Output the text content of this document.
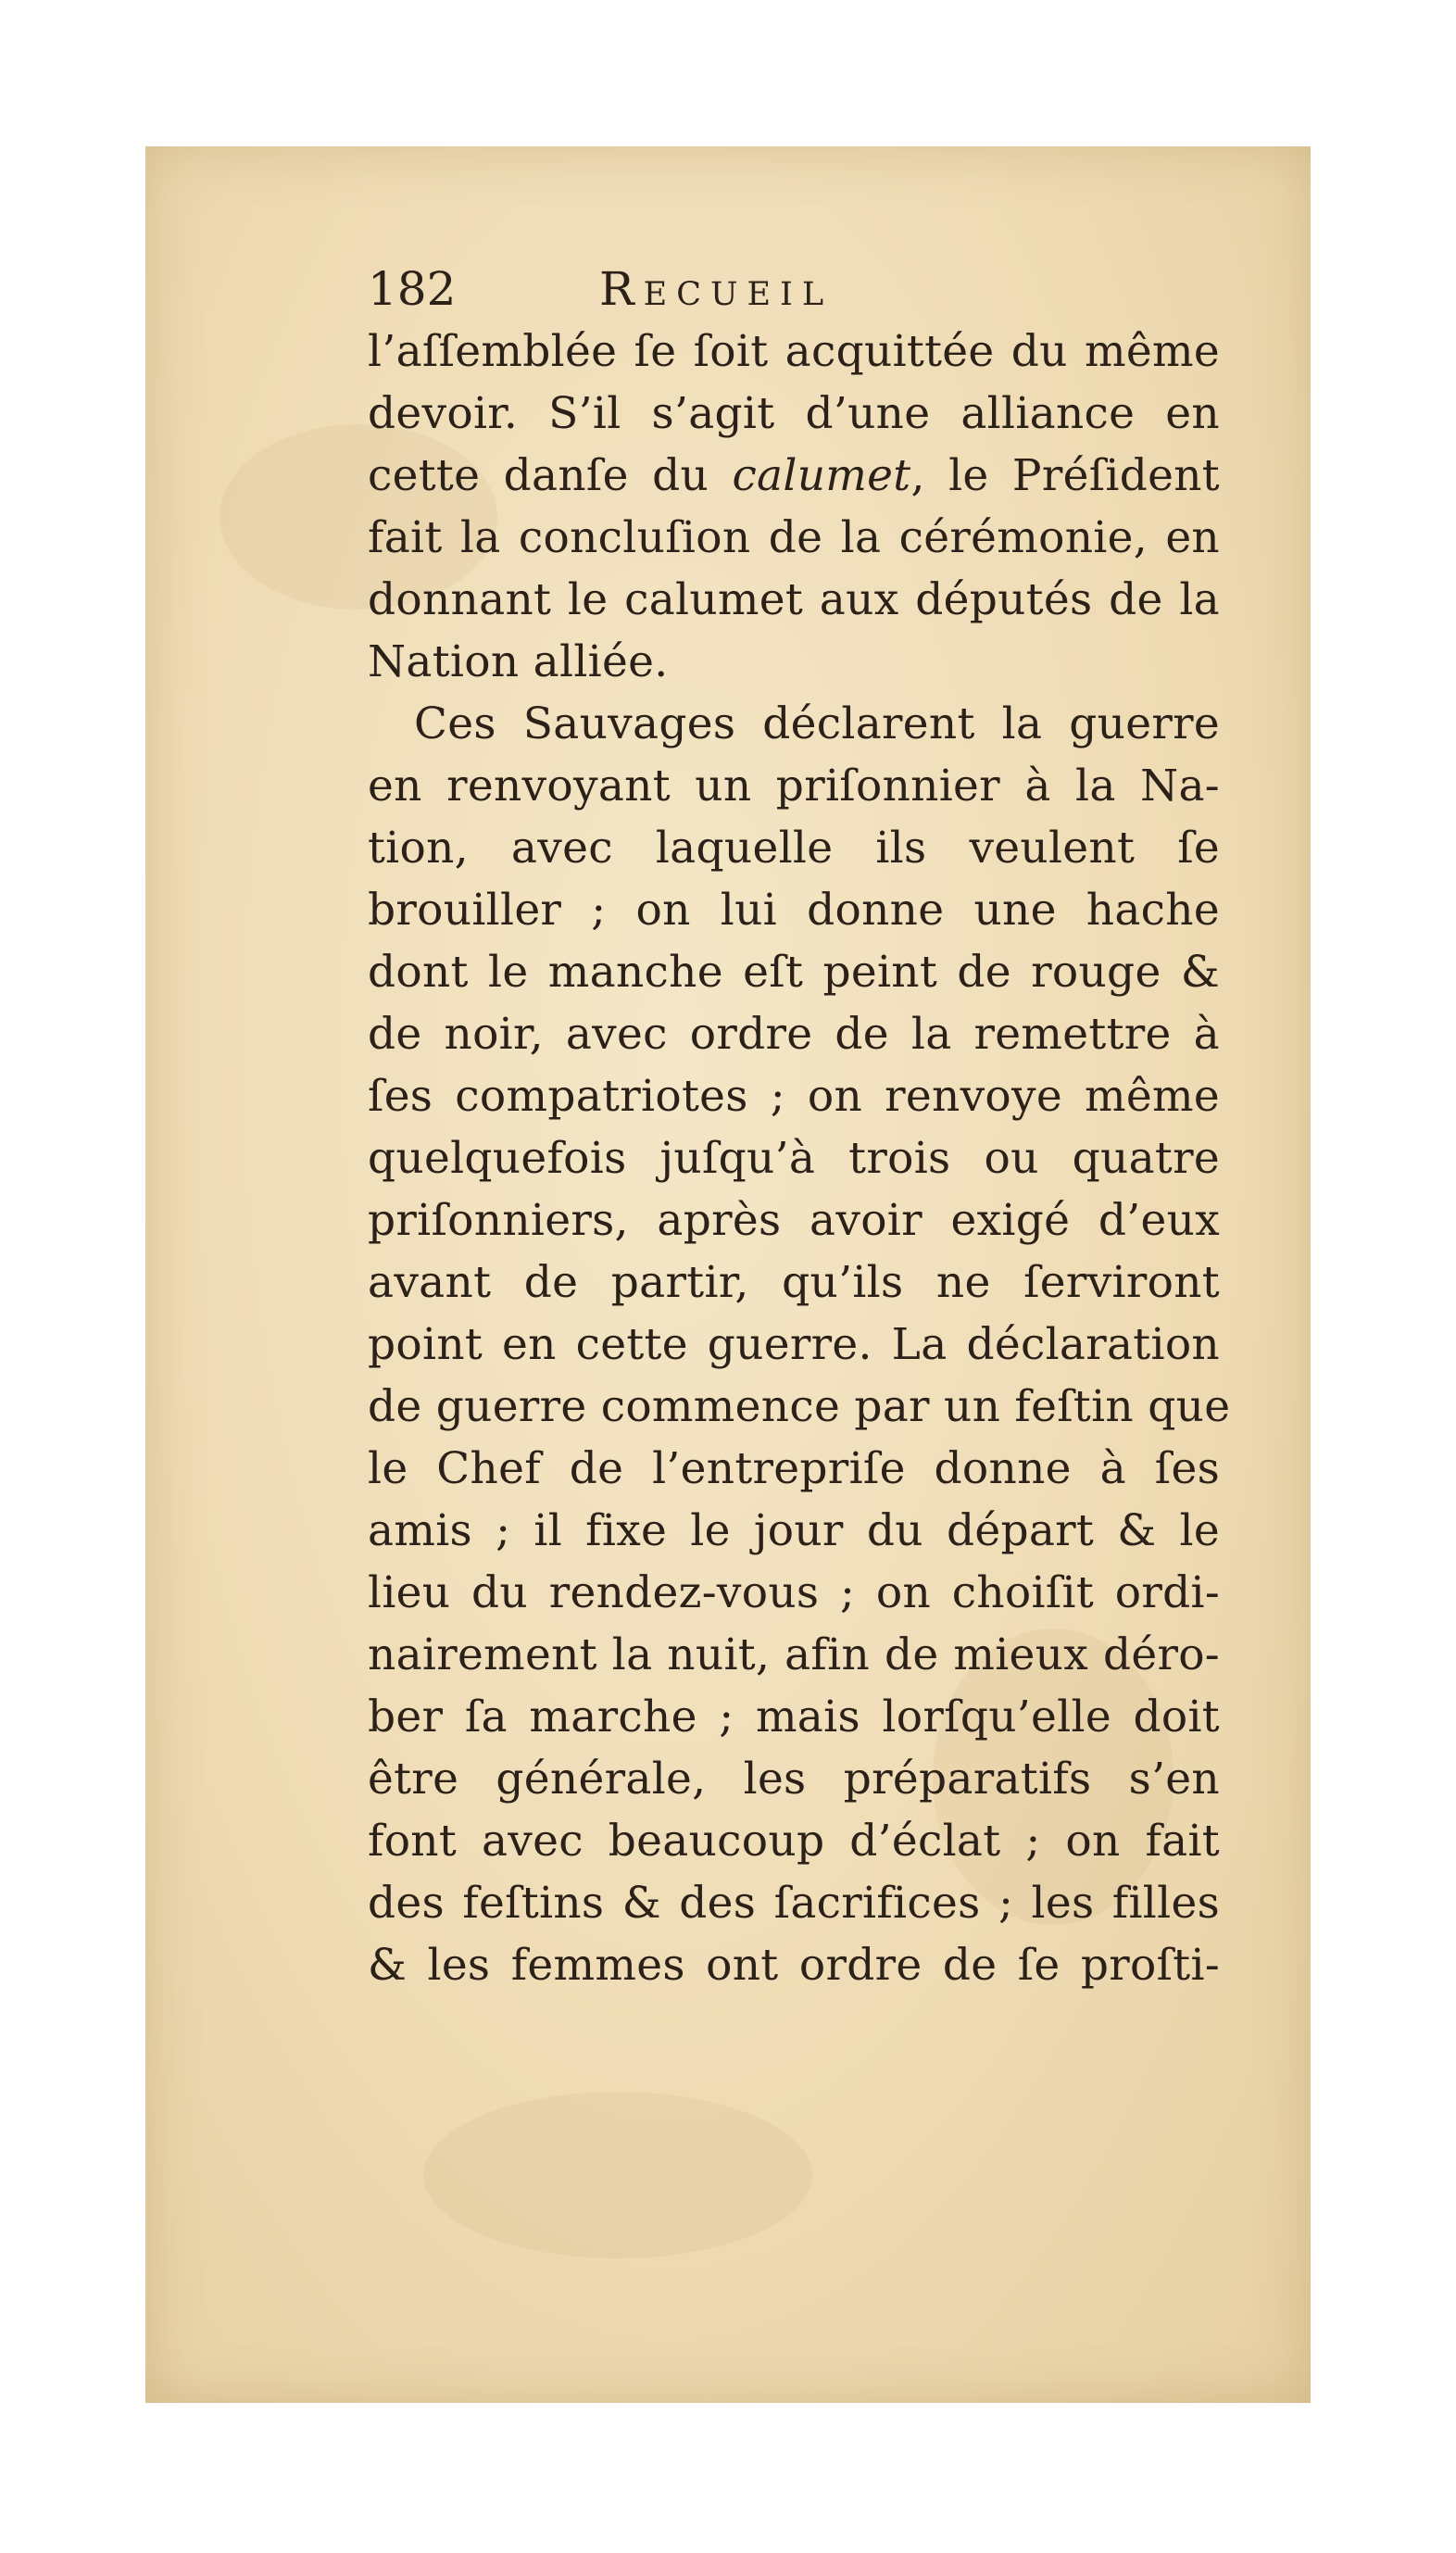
182	Recueil
l’aſſemblée ſe ſoit acquittée du même
devoir. S’il s’agit d’une alliance en
cette danſe du calumet, le Préſident
fait la concluſion de la cérémonie, en
donnant le calumet aux députés de la
Nation alliée.
Ces Sauvages déclarent la guerre
en renvoyant un priſonnier à la Na-
tion, avec laquelle ils veulent ſe
brouiller ; on lui donne une hache
dont le manche eſt peint de rouge &
de noir, avec ordre de la remettre à
ſes compatriotes ; on renvoye même
quelquefois juſqu’à trois ou quatre
priſonniers, après avoir exigé d’eux
avant de partir, qu’ils ne ſerviront
point en cette guerre. La déclaration
de guerre commence par un feſtin que
le Chef de l’entrepriſe donne à ſes
amis ; il fixe le jour du départ & le
lieu du rendez-vous ; on choiſit ordi-
nairement la nuit, afin de mieux déro-
ber ſa marche ; mais lorſqu’elle doit
être générale, les préparatifs s’en
font avec beaucoup d’éclat ; on fait
des feſtins & des ſacrifices ; les filles
& les femmes ont ordre de ſe proſti-
